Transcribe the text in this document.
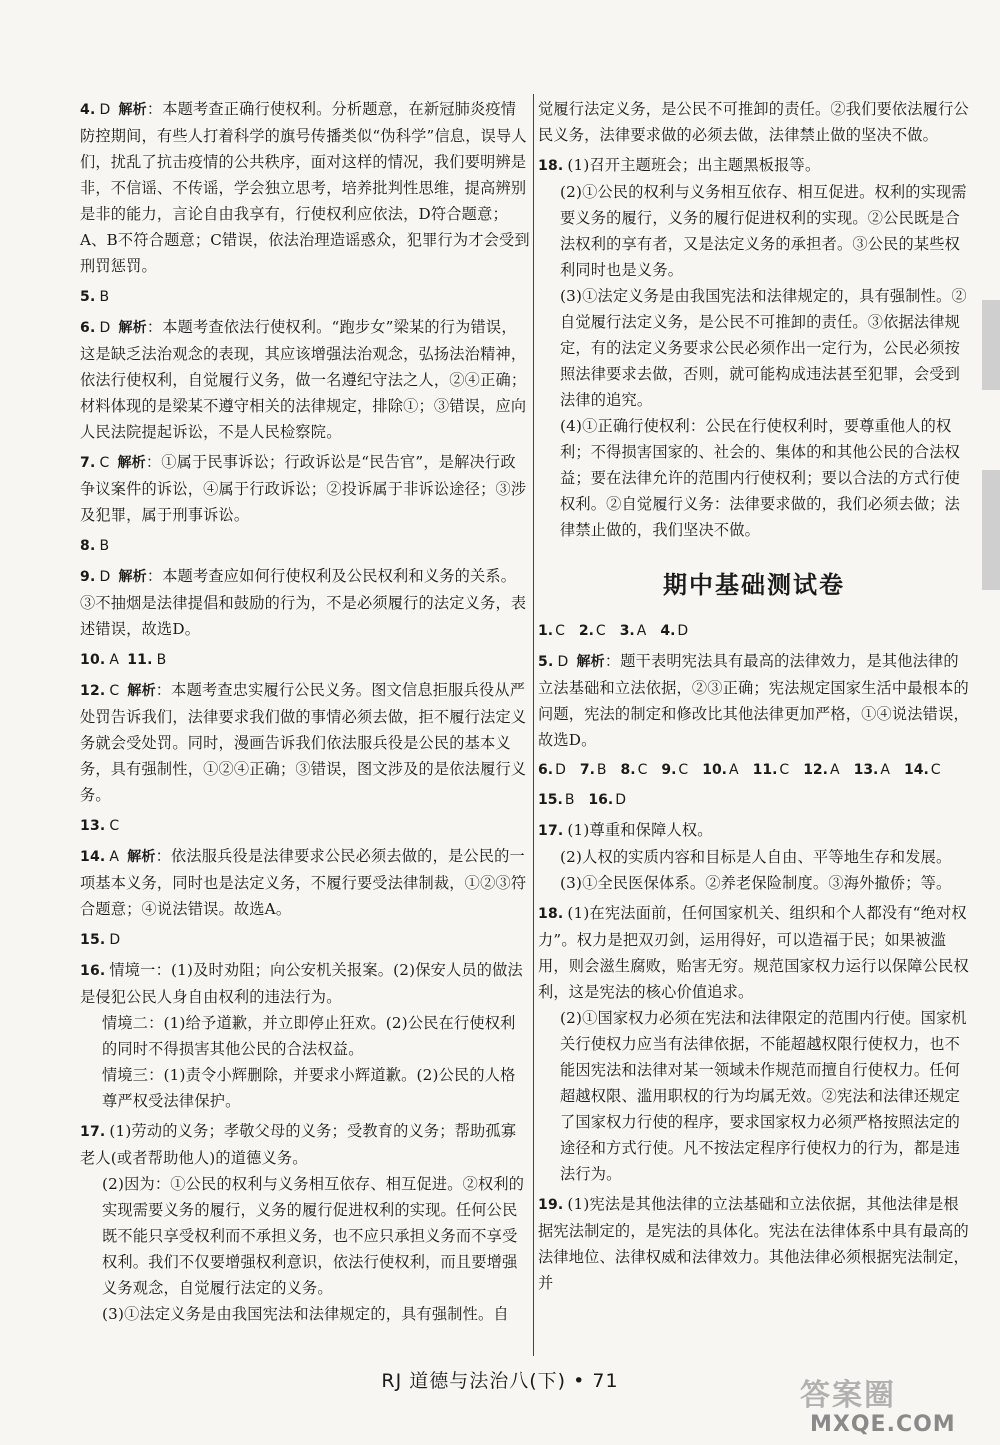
4. D 解析：本题考查正确行使权利。分析题意，在新冠肺炎疫情防控期间，有些人打着科学的旗号传播类似“伪科学”信息，误导人们，扰乱了抗击疫情的公共秩序，面对这样的情况，我们要明辨是非，不信谣、不传谣，学会独立思考，培养批判性思维，提高辨别是非的能力，言论自由我享有，行使权利应依法，D符合题意；A、B不符合题意；C错误，依法治理造谣惑众，犯罪行为才会受到刑罚惩罚。

5. B

6. D 解析：本题考查依法行使权利。“跑步女”梁某的行为错误，这是缺乏法治观念的表现，其应该增强法治观念，弘扬法治精神，依法行使权利，自觉履行义务，做一名遵纪守法之人，②④正确；材料体现的是梁某不遵守相关的法律规定，排除①；③错误，应向人民法院提起诉讼，不是人民检察院。

7. C 解析：①属于民事诉讼；行政诉讼是“民告官”，是解决行政争议案件的诉讼，④属于行政诉讼；②投诉属于非诉讼途径；③涉及犯罪，属于刑事诉讼。

8. B

9. D 解析：本题考查应如何行使权利及公民权利和义务的关系。③不抽烟是法律提倡和鼓励的行为，不是必须履行的法定义务，表述错误，故选D。

10. A 11. B

12. C 解析：本题考查忠实履行公民义务。图文信息拒服兵役从严处罚告诉我们，法律要求我们做的事情必须去做，拒不履行法定义务就会受处罚。同时，漫画告诉我们依法服兵役是公民的基本义务，具有强制性，①②④正确；③错误，图文涉及的是依法履行义务。

13. C

14. A 解析：依法服兵役是法律要求公民必须去做的，是公民的一项基本义务，同时也是法定义务，不履行要受法律制裁，①②③符合题意；④说法错误。故选A。

15. D

16. 情境一：(1)及时劝阻；向公安机关报案。(2)保安人员的做法是侵犯公民人身自由权利的违法行为。

情境二：(1)给予道歉，并立即停止狂欢。(2)公民在行使权利的同时不得损害其他公民的合法权益。

情境三：(1)责令小辉删除，并要求小辉道歉。(2)公民的人格尊严权受法律保护。

17. (1)劳动的义务；孝敬父母的义务；受教育的义务；帮助孤寡老人(或者帮助他人)的道德义务。

(2)因为：①公民的权利与义务相互依存、相互促进。②权利的实现需要义务的履行，义务的履行促进权利的实现。任何公民既不能只享受权利而不承担义务，也不应只承担义务而不享受权利。我们不仅要增强权利意识，依法行使权利，而且要增强义务观念，自觉履行法定的义务。

(3)①法定义务是由我国宪法和法律规定的，具有强制性。自

觉履行法定义务，是公民不可推卸的责任。②我们要依法履行公民义务，法律要求做的必须去做，法律禁止做的坚决不做。

18. (1)召开主题班会；出主题黑板报等。

(2)①公民的权利与义务相互依存、相互促进。权利的实现需要义务的履行，义务的履行促进权利的实现。②公民既是合法权利的享有者，又是法定义务的承担者。③公民的某些权利同时也是义务。

(3)①法定义务是由我国宪法和法律规定的，具有强制性。②自觉履行法定义务，是公民不可推卸的责任。③依据法律规定，有的法定义务要求公民必须作出一定行为，公民必须按照法律要求去做，否则，就可能构成违法甚至犯罪，会受到法律的追究。

(4)①正确行使权利：公民在行使权利时，要尊重他人的权利；不得损害国家的、社会的、集体的和其他公民的合法权益；要在法律允许的范围内行使权利；要以合法的方式行使权利。②自觉履行义务：法律要求做的，我们必须去做；法律禁止做的，我们坚决不做。

期中基础测试卷
1. C 2. C 3. A 4. D

5. D 解析：题干表明宪法具有最高的法律效力，是其他法律的立法基础和立法依据，②③正确；宪法规定国家生活中最根本的问题，宪法的制定和修改比其他法律更加严格，①④说法错误，故选D。

6. D 7. B 8. C 9. C 10. A 11. C 12. A 13. A 14. C
15. B 16. D

17. (1)尊重和保障人权。

(2)人权的实质内容和目标是人自由、平等地生存和发展。

(3)①全民医保体系。②养老保险制度。③海外撤侨；等。

18. (1)在宪法面前，任何国家机关、组织和个人都没有“绝对权力”。权力是把双刃剑，运用得好，可以造福于民；如果被滥用，则会滋生腐败，贻害无穷。规范国家权力运行以保障公民权利，这是宪法的核心价值追求。

(2)①国家权力必须在宪法和法律限定的范围内行使。国家机关行使权力应当有法律依据，不能超越权限行使权力，也不能因宪法和法律对某一领域未作规范而擅自行使权力。任何超越权限、滥用职权的行为均属无效。②宪法和法律还规定了国家权力行使的程序，要求国家权力必须严格按照法定的途径和方式行使。凡不按法定程序行使权力的行为，都是违法行为。

19. (1)宪法是其他法律的立法基础和立法依据，其他法律是根据宪法制定的，是宪法的具体化。宪法在法律体系中具有最高的法律地位、法律权威和法律效力。其他法律必须根据宪法制定，并

RJ 道德与法治八(下) • 71	答案圈
MXQE.COM
